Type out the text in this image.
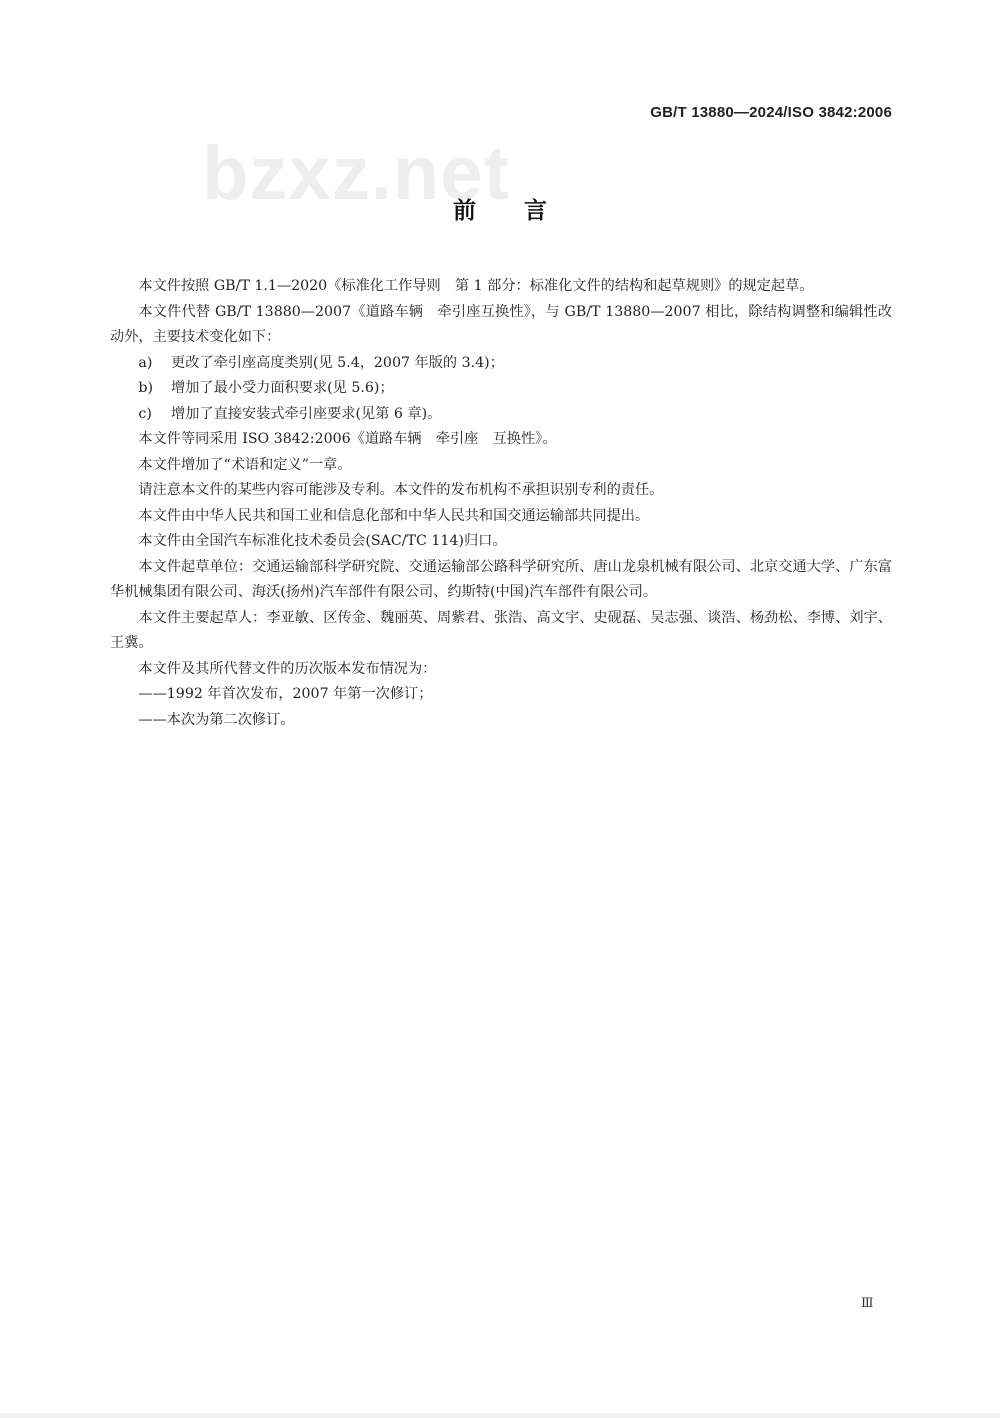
GB/T 13880—2024/ISO 3842:2006
bzxz.net
前言

本文件按照 GB/T 1.1—2020《标准化工作导则　第 1 部分：标准化文件的结构和起草规则》的规定起草。

本文件代替 GB/T 13880—2007《道路车辆　牵引座互换性》，与 GB/T 13880—2007 相比，除结构调整和编辑性改动外，主要技术变化如下：

a) 更改了牵引座高度类别(见 5.4，2007 年版的 3.4)；

b) 增加了最小受力面积要求(见 5.6)；

c) 增加了直接安装式牵引座要求(见第 6 章)。

本文件等同采用 ISO 3842:2006《道路车辆　牵引座　互换性》。

本文件增加了“术语和定义”一章。

请注意本文件的某些内容可能涉及专利。本文件的发布机构不承担识别专利的责任。

本文件由中华人民共和国工业和信息化部和中华人民共和国交通运输部共同提出。

本文件由全国汽车标准化技术委员会(SAC/TC 114)归口。

本文件起草单位：交通运输部科学研究院、交通运输部公路科学研究所、唐山龙泉机械有限公司、北京交通大学、广东富华机械集团有限公司、海沃(扬州)汽车部件有限公司、约斯特(中国)汽车部件有限公司。

本文件主要起草人：李亚敏、区传金、魏丽英、周紫君、张浩、高文宇、史砚磊、吴志强、谈浩、杨劲松、李博、刘宇、王冀。

本文件及其所代替文件的历次版本发布情况为：

——1992 年首次发布，2007 年第一次修订；

——本次为第二次修订。

Ⅲ
